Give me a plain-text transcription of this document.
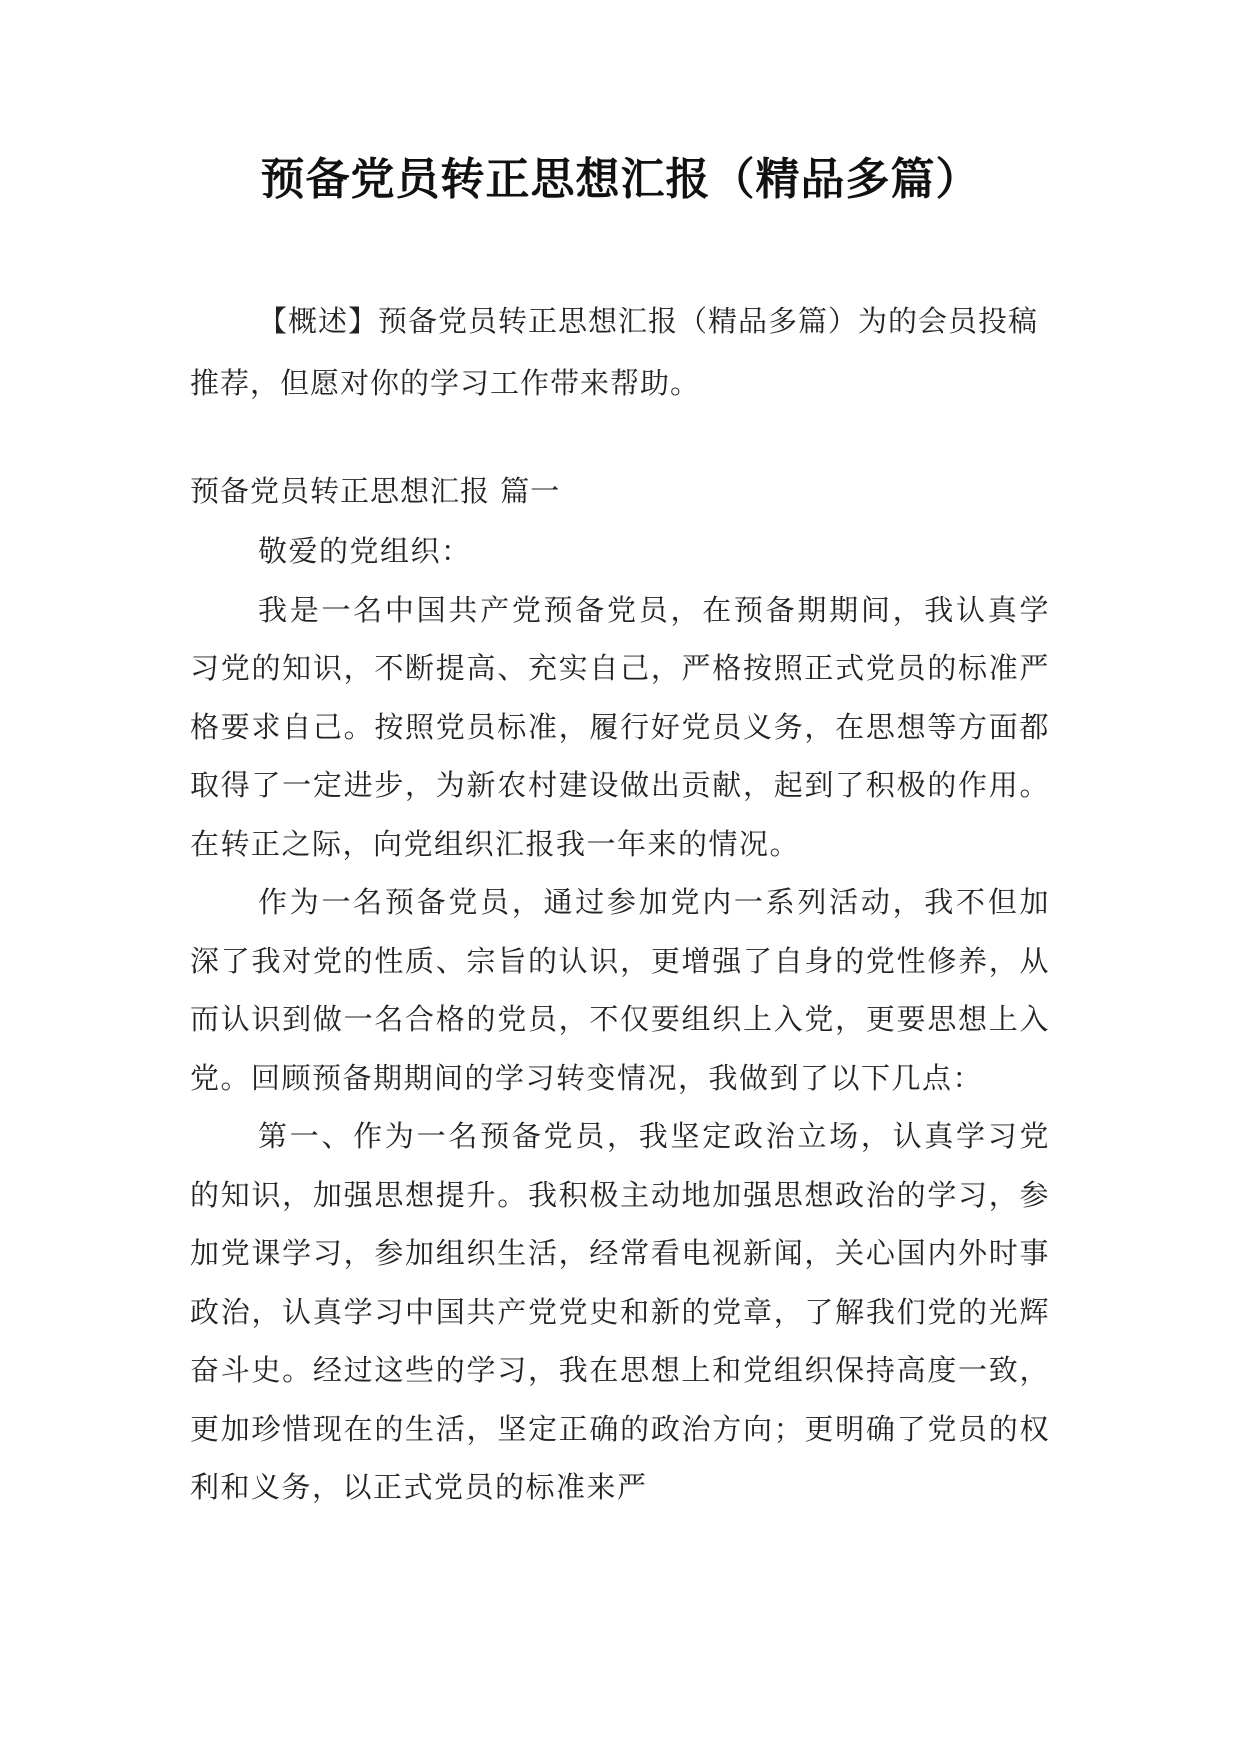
预备党员转正思想汇报（精品多篇）
【概述】预备党员转正思想汇报（精品多篇）为的会员投稿推荐，但愿对你的学习工作带来帮助。
预备党员转正思想汇报 篇一

敬爱的党组织：

我是一名中国共产党预备党员，在预备期期间，我认真学习党的知识，不断提高、充实自己，严格按照正式党员的标准严格要求自己。按照党员标准，履行好党员义务，在思想等方面都取得了一定进步，为新农村建设做出贡献，起到了积极的作用。在转正之际，向党组织汇报我一年来的情况。

作为一名预备党员，通过参加党内一系列活动，我不但加深了我对党的性质、宗旨的认识，更增强了自身的党性修养，从而认识到做一名合格的党员，不仅要组织上入党，更要思想上入党。回顾预备期期间的学习转变情况，我做到了以下几点：

第一、作为一名预备党员，我坚定政治立场，认真学习党的知识，加强思想提升。我积极主动地加强思想政治的学习，参加党课学习，参加组织生活，经常看电视新闻，关心国内外时事政治，认真学习中国共产党党史和新的党章，了解我们党的光辉奋斗史。经过这些的学习，我在思想上和党组织保持高度一致，更加珍惜现在的生活，坚定正确的政治方向；更明确了党员的权利和义务，以正式党员的标准来严
